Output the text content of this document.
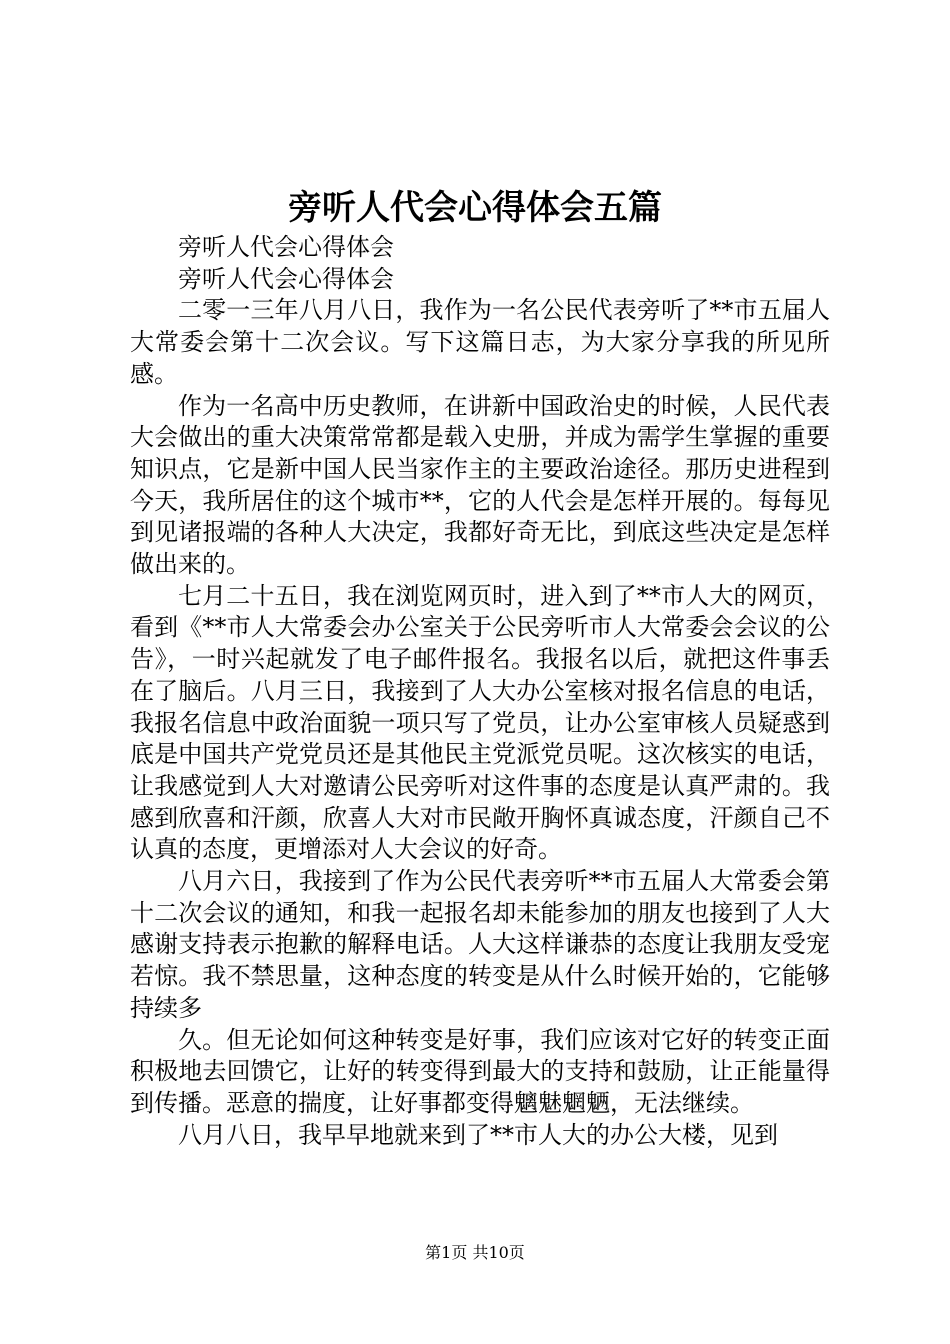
旁听人代会心得体会五篇

旁听人代会心得体会

旁听人代会心得体会

二零一三年八月八日，我作为一名公民代表旁听了**市五届人大常委会第十二次会议。写下这篇日志，为大家分享我的所见所感。

作为一名高中历史教师，在讲新中国政治史的时候，人民代表大会做出的重大决策常常都是载入史册，并成为需学生掌握的重要知识点，它是新中国人民当家作主的主要政治途径。那历史进程到今天，我所居住的这个城市**，它的人代会是怎样开展的。每每见到见诸报端的各种人大决定，我都好奇无比，到底这些决定是怎样做出来的。

七月二十五日，我在浏览网页时，进入到了**市人大的网页，看到《**市人大常委会办公室关于公民旁听市人大常委会会议的公告》，一时兴起就发了电子邮件报名。我报名以后，就把这件事丢在了脑后。八月三日，我接到了人大办公室核对报名信息的电话，我报名信息中政治面貌一项只写了党员，让办公室审核人员疑惑到底是中国共产党党员还是其他民主党派党员呢。这次核实的电话，让我感觉到人大对邀请公民旁听对这件事的态度是认真严肃的。我感到欣喜和汗颜，欣喜人大对市民敞开胸怀真诚态度，汗颜自己不认真的态度，更增添对人大会议的好奇。

八月六日，我接到了作为公民代表旁听**市五届人大常委会第十二次会议的通知，和我一起报名却未能参加的朋友也接到了人大感谢支持表示抱歉的解释电话。人大这样谦恭的态度让我朋友受宠若惊。我不禁思量，这种态度的转变是从什么时候开始的，它能够持续多

久。但无论如何这种转变是好事，我们应该对它好的转变正面积极地去回馈它，让好的转变得到最大的支持和鼓励，让正能量得到传播。恶意的揣度，让好事都变得魑魅魍魉，无法继续。

八月八日，我早早地就来到了**市人大的办公大楼，见到

第1页 共10页
